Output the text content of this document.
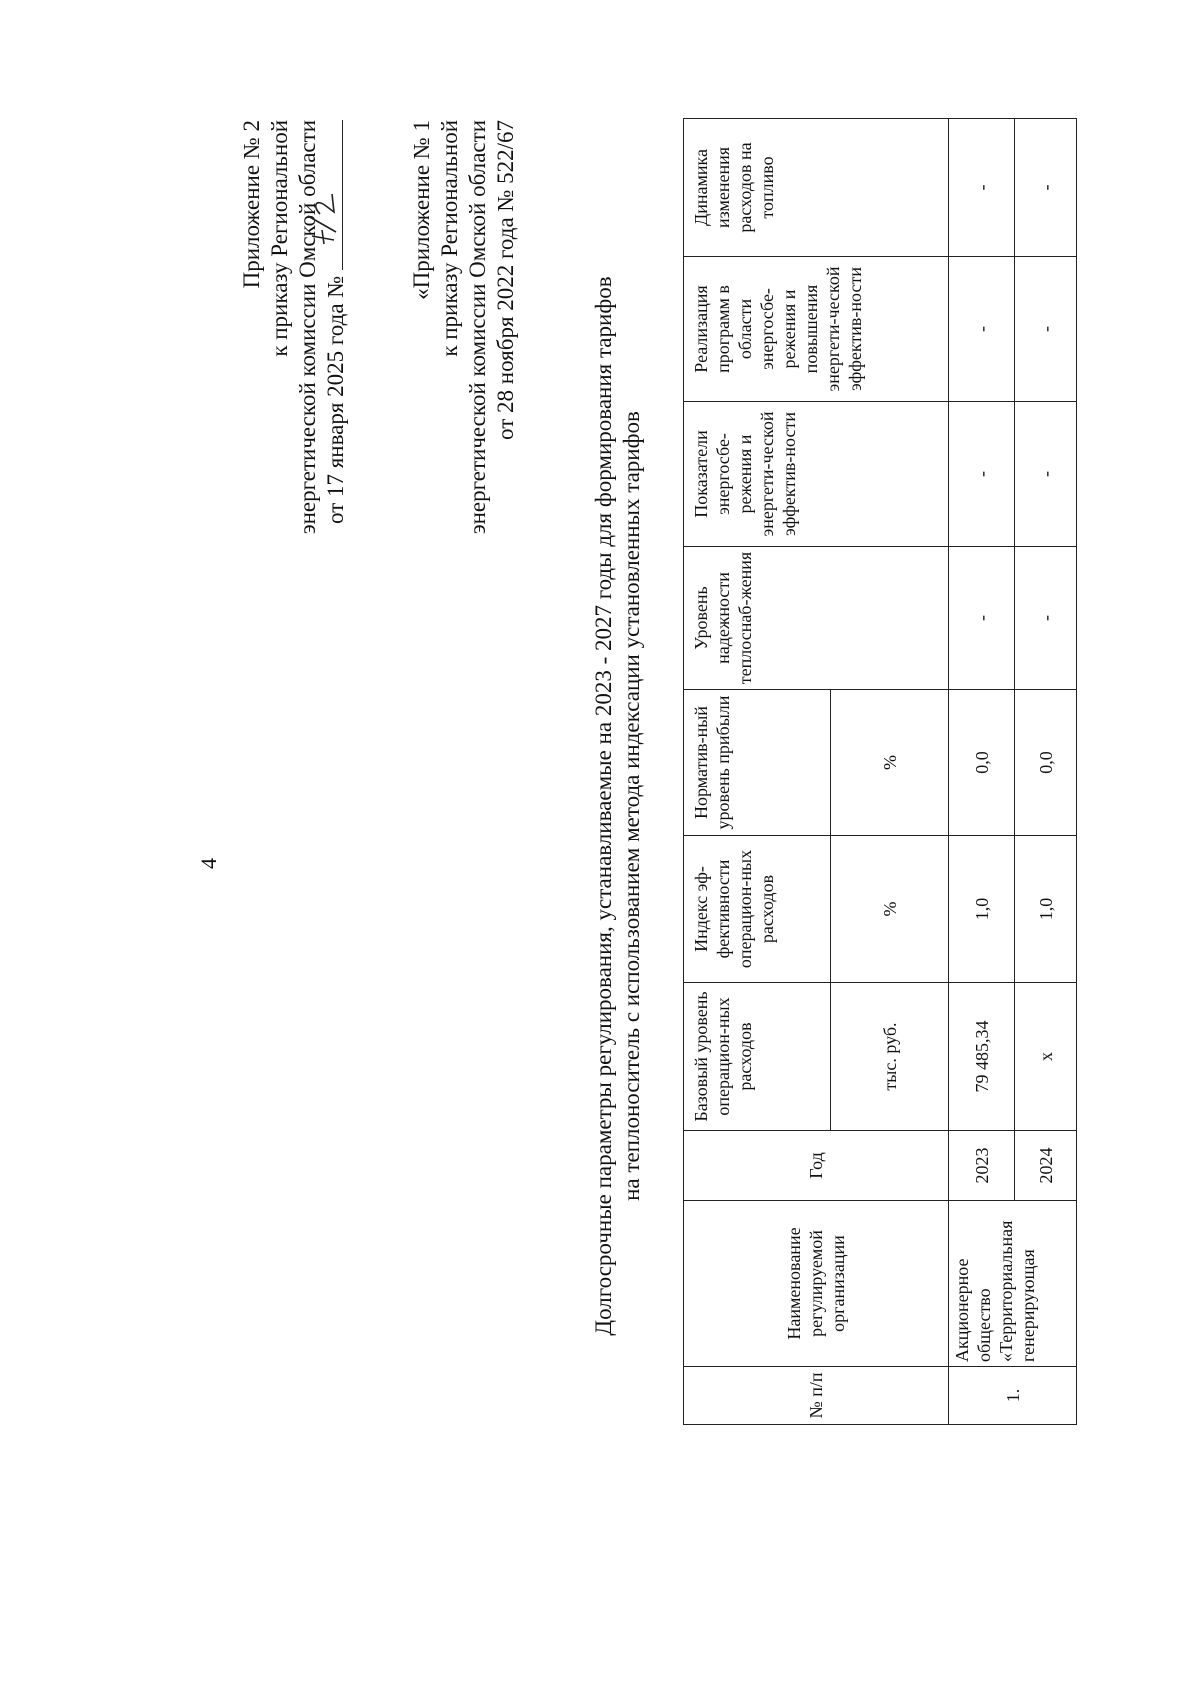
4
Приложение № 2 к приказу Региональной энергетической комиссии Омской области от 17 января 2025 года №
«Приложение № 1 к приказу Региональной энергетической комиссии Омской области от 28 ноября 2022 года № 522/67	Долгосрочные параметры регулирования, устанавливаемые на 2023 - 2027 годы для формирования тарифов на теплоноситель с использованием метода индексации установленных тарифов
№ п/п	Наименование регулируемой организации	Год	Базовый уровень операцион-ных расходов	Индекс эф-фективности операцион-ных расходов	Норматив-ный уровень прибыли	Уровень надежности теплоснаб-жения	Показатели энергосбе-режения и энергети-ческой эффектив-ности	Реализация программ в области энергосбе-режения и повышения энергети-ческой эффектив-ности	Динамика изменения расходов на топливо
			тыс. руб.	%	%				
1.	Акционерное общество «Территориальная генерирующая	2023	79 485,34	1,0	0,0	-	-	-	-
		2024	х	1,0	0,0	-	-	-	-
